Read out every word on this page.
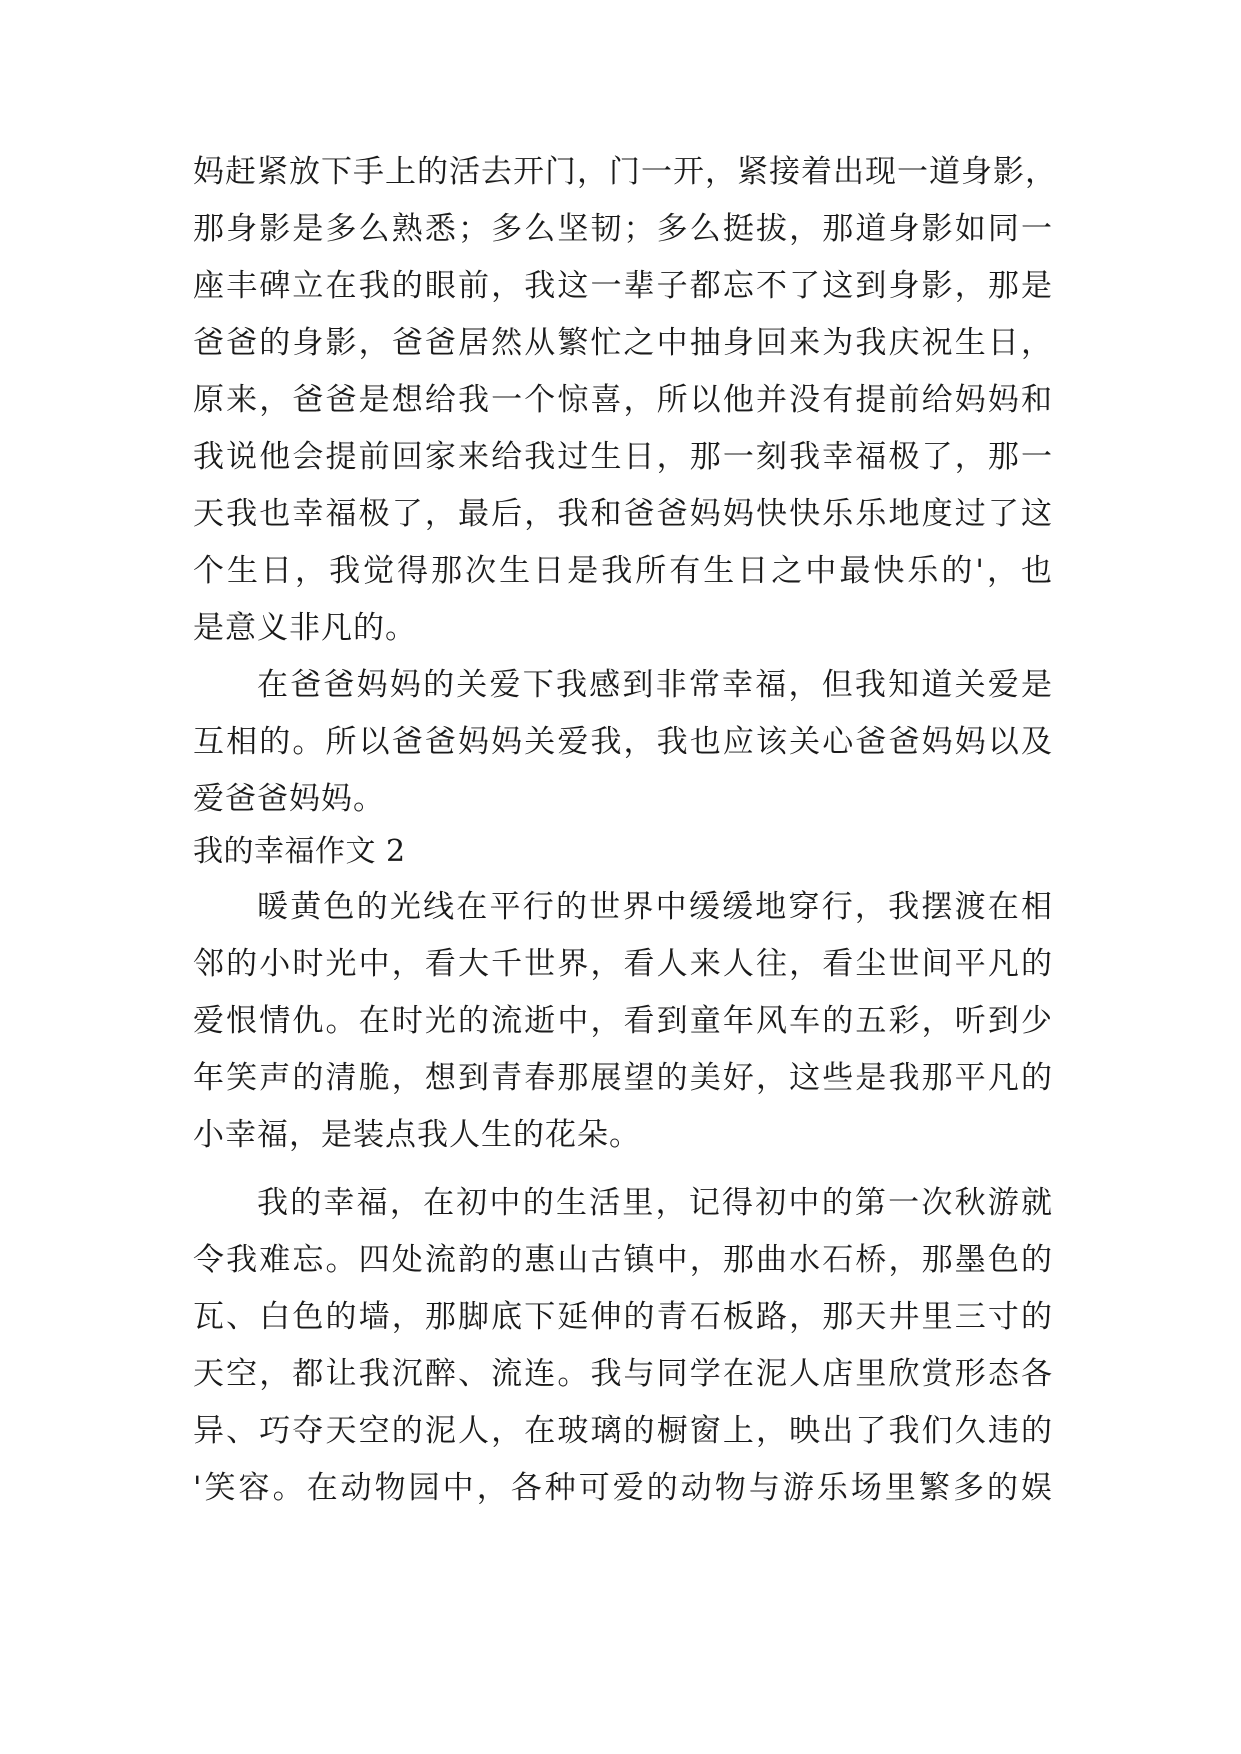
妈赶紧放下手上的活去开门，门一开，紧接着出现一道身影，

那身影是多么熟悉；多么坚韧；多么挺拔，那道身影如同一

座丰碑立在我的眼前，我这一辈子都忘不了这到身影，那是

爸爸的身影，爸爸居然从繁忙之中抽身回来为我庆祝生日，

原来，爸爸是想给我一个惊喜，所以他并没有提前给妈妈和

我说他会提前回家来给我过生日，那一刻我幸福极了，那一

天我也幸福极了，最后，我和爸爸妈妈快快乐乐地度过了这

个生日，我觉得那次生日是我所有生日之中最快乐的'，也

是意义非凡的。

在爸爸妈妈的关爱下我感到非常幸福，但我知道关爱是

互相的。所以爸爸妈妈关爱我，我也应该关心爸爸妈妈以及

爱爸爸妈妈。

我的幸福作文 2

暖黄色的光线在平行的世界中缓缓地穿行，我摆渡在相

邻的小时光中，看大千世界，看人来人往，看尘世间平凡的

爱恨情仇。在时光的流逝中，看到童年风车的五彩，听到少

年笑声的清脆，想到青春那展望的美好，这些是我那平凡的

小幸福，是装点我人生的花朵。

我的幸福，在初中的生活里，记得初中的第一次秋游就

令我难忘。四处流韵的惠山古镇中，那曲水石桥，那墨色的

瓦、白色的墙，那脚底下延伸的青石板路，那天井里三寸的

天空，都让我沉醉、流连。我与同学在泥人店里欣赏形态各

异、巧夺天空的泥人，在玻璃的橱窗上，映出了我们久违的

'笑容。在动物园中，各种可爱的动物与游乐场里繁多的娱
